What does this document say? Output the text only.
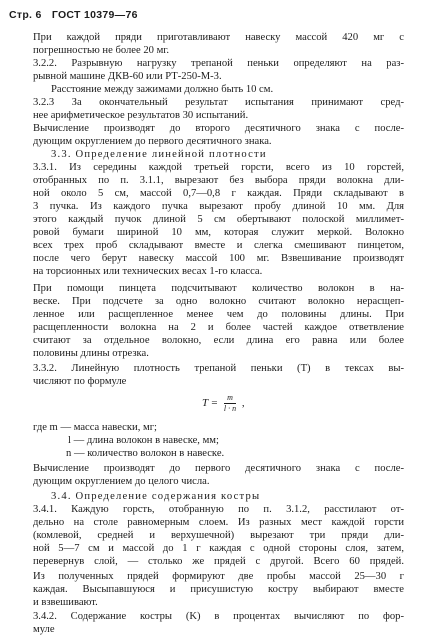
Стр. 6 ГОСТ 10379—76
При каждой пряди приготавливают навеску массой 420 мг с
погрешностью не более 20 мг.
3.2.2. Разрывную нагрузку трепаной пеньки определяют на раз-
рывной машине ДКВ-60 или РТ-250-М-3.
Расстояние между зажимами должно быть 10 см.
3.2.3 За окончательный результат испытания принимают сред-
нее арифметическое результатов 30 испытаний.
Вычисление производят до второго десятичного знака с после-
дующим округлением до первого десятичного знака.
3.3. Определение линейной плотности
3.3.1. Из середины каждой третьей горсти, всего из 10 горстей,
отобранных по п. 3.1.1, вырезают без выбора пряди волокна дли-
ной около 5 см, массой 0,7—0,8 г каждая. Пряди складывают в
3 пучка. Из каждого пучка вырезают пробу длиной 10 мм. Для
этого каждый пучок длиной 5 см обертывают полоской миллимет-
ровой бумаги шириной 10 мм, которая служит меркой. Волокно
всех трех проб складывают вместе и слегка смешивают пинцетом,
после чего берут навеску массой 100 мг. Взвешивание производят
на торсионных или технических весах 1-го класса.
При помощи пинцета подсчитывают количество волокон в на-
веске. При подсчете за одно волокно считают волокно нерасщеп-
ленное или расщепленное менее чем до половины длины. При
расщепленности волокна на 2 и более частей каждое ответвление
считают за отдельное волокно, если длина его равна или более
половины длины отрезка.
3.3.2. Линейную плотность трепаной пеньки (T) в тексах вы-
числяют по формуле
$T = \frac{m}{l \cdot n}$ ,
где m — масса навески, мг;
l — длина волокон в навеске, мм;
n — количество волокон в навеске.
Вычисление производят до первого десятичного знака с после-
дующим округлением до целого числа.
3.4. Определение содержания костры
3.4.1. Каждую горсть, отобранную по п. 3.1.2, расстилают от-
дельно на столе равномерным слоем. Из разных мест каждой горсти
(комлевой, средней и верхушечной) вырезают три пряди дли-
ной 5—7 см и массой до 1 г каждая с одной стороны слоя, затем,
перевернув слой, — столько же прядей с другой. Всего 60 прядей.
Из полученных прядей формируют две пробы массой 25—30 г
каждая. Высыпавшуюся и присушистую костру выбирают вместе
и взвешивают.
3.4.2. Содержание костры (K) в процентах вычисляют по фор-
муле
